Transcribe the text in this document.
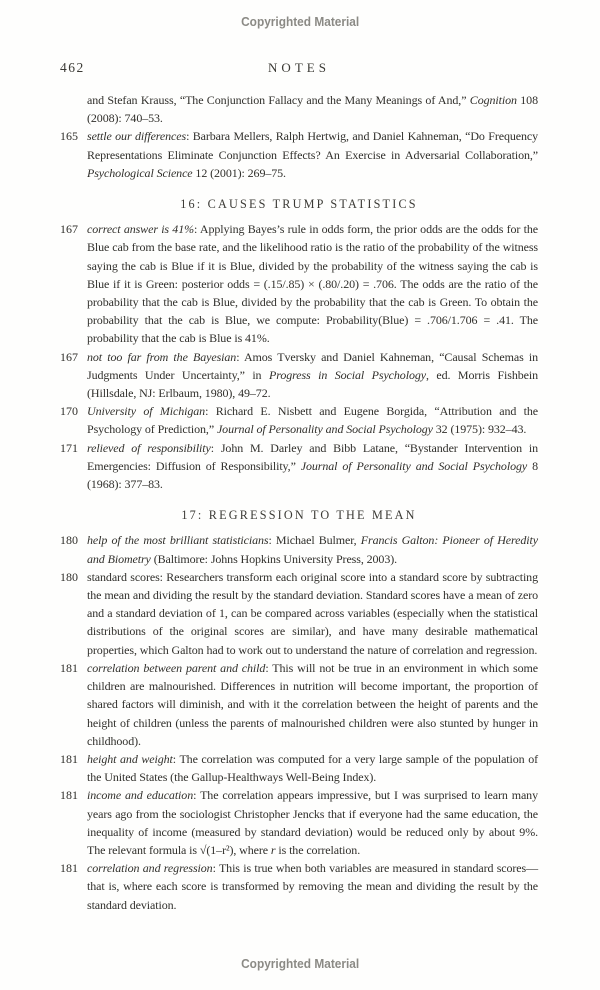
Copyrighted Material
462	NOTES
and Stefan Krauss, “The Conjunction Fallacy and the Many Meanings of And,” Cognition 108 (2008): 740–53.
165 settle our differences: Barbara Mellers, Ralph Hertwig, and Daniel Kahneman, “Do Frequency Representations Eliminate Conjunction Effects? An Exercise in Adversarial Collaboration,” Psychological Science 12 (2001): 269–75.
16: CAUSES TRUMP STATISTICS
167 correct answer is 41%: Applying Bayes’s rule in odds form, the prior odds are the odds for the Blue cab from the base rate, and the likelihood ratio is the ratio of the probability of the witness saying the cab is Blue if it is Blue, divided by the probability of the witness saying the cab is Blue if it is Green: posterior odds = (.15/.85) × (.80/.20) = .706. The odds are the ratio of the probability that the cab is Blue, divided by the probability that the cab is Green. To obtain the probability that the cab is Blue, we compute: Probability(Blue) = .706/1.706 = .41. The probability that the cab is Blue is 41%.
167 not too far from the Bayesian: Amos Tversky and Daniel Kahneman, “Causal Schemas in Judgments Under Uncertainty,” in Progress in Social Psychology, ed. Morris Fishbein (Hillsdale, NJ: Erlbaum, 1980), 49–72.
170 University of Michigan: Richard E. Nisbett and Eugene Borgida, “Attribution and the Psychology of Prediction,” Journal of Personality and Social Psychology 32 (1975): 932–43.
171 relieved of responsibility: John M. Darley and Bibb Latane, “Bystander Intervention in Emergencies: Diffusion of Responsibility,” Journal of Personality and Social Psychology 8 (1968): 377–83.
17: REGRESSION TO THE MEAN
180 help of the most brilliant statisticians: Michael Bulmer, Francis Galton: Pioneer of Heredity and Biometry (Baltimore: Johns Hopkins University Press, 2003).
180 standard scores: Researchers transform each original score into a standard score by subtracting the mean and dividing the result by the standard deviation. Standard scores have a mean of zero and a standard deviation of 1, can be compared across variables (especially when the statistical distributions of the original scores are similar), and have many desirable mathematical properties, which Galton had to work out to understand the nature of correlation and regression.
181 correlation between parent and child: This will not be true in an environment in which some children are malnourished. Differences in nutrition will become important, the proportion of shared factors will diminish, and with it the correlation between the height of parents and the height of children (unless the parents of malnourished children were also stunted by hunger in childhood).
181 height and weight: The correlation was computed for a very large sample of the population of the United States (the Gallup-Healthways Well-Being Index).
181 income and education: The correlation appears impressive, but I was surprised to learn many years ago from the sociologist Christopher Jencks that if everyone had the same education, the inequality of income (measured by standard deviation) would be reduced only by about 9%. The relevant formula is √(1–r²), where r is the correlation.
181 correlation and regression: This is true when both variables are measured in standard scores—that is, where each score is transformed by removing the mean and dividing the result by the standard deviation.
Copyrighted Material
